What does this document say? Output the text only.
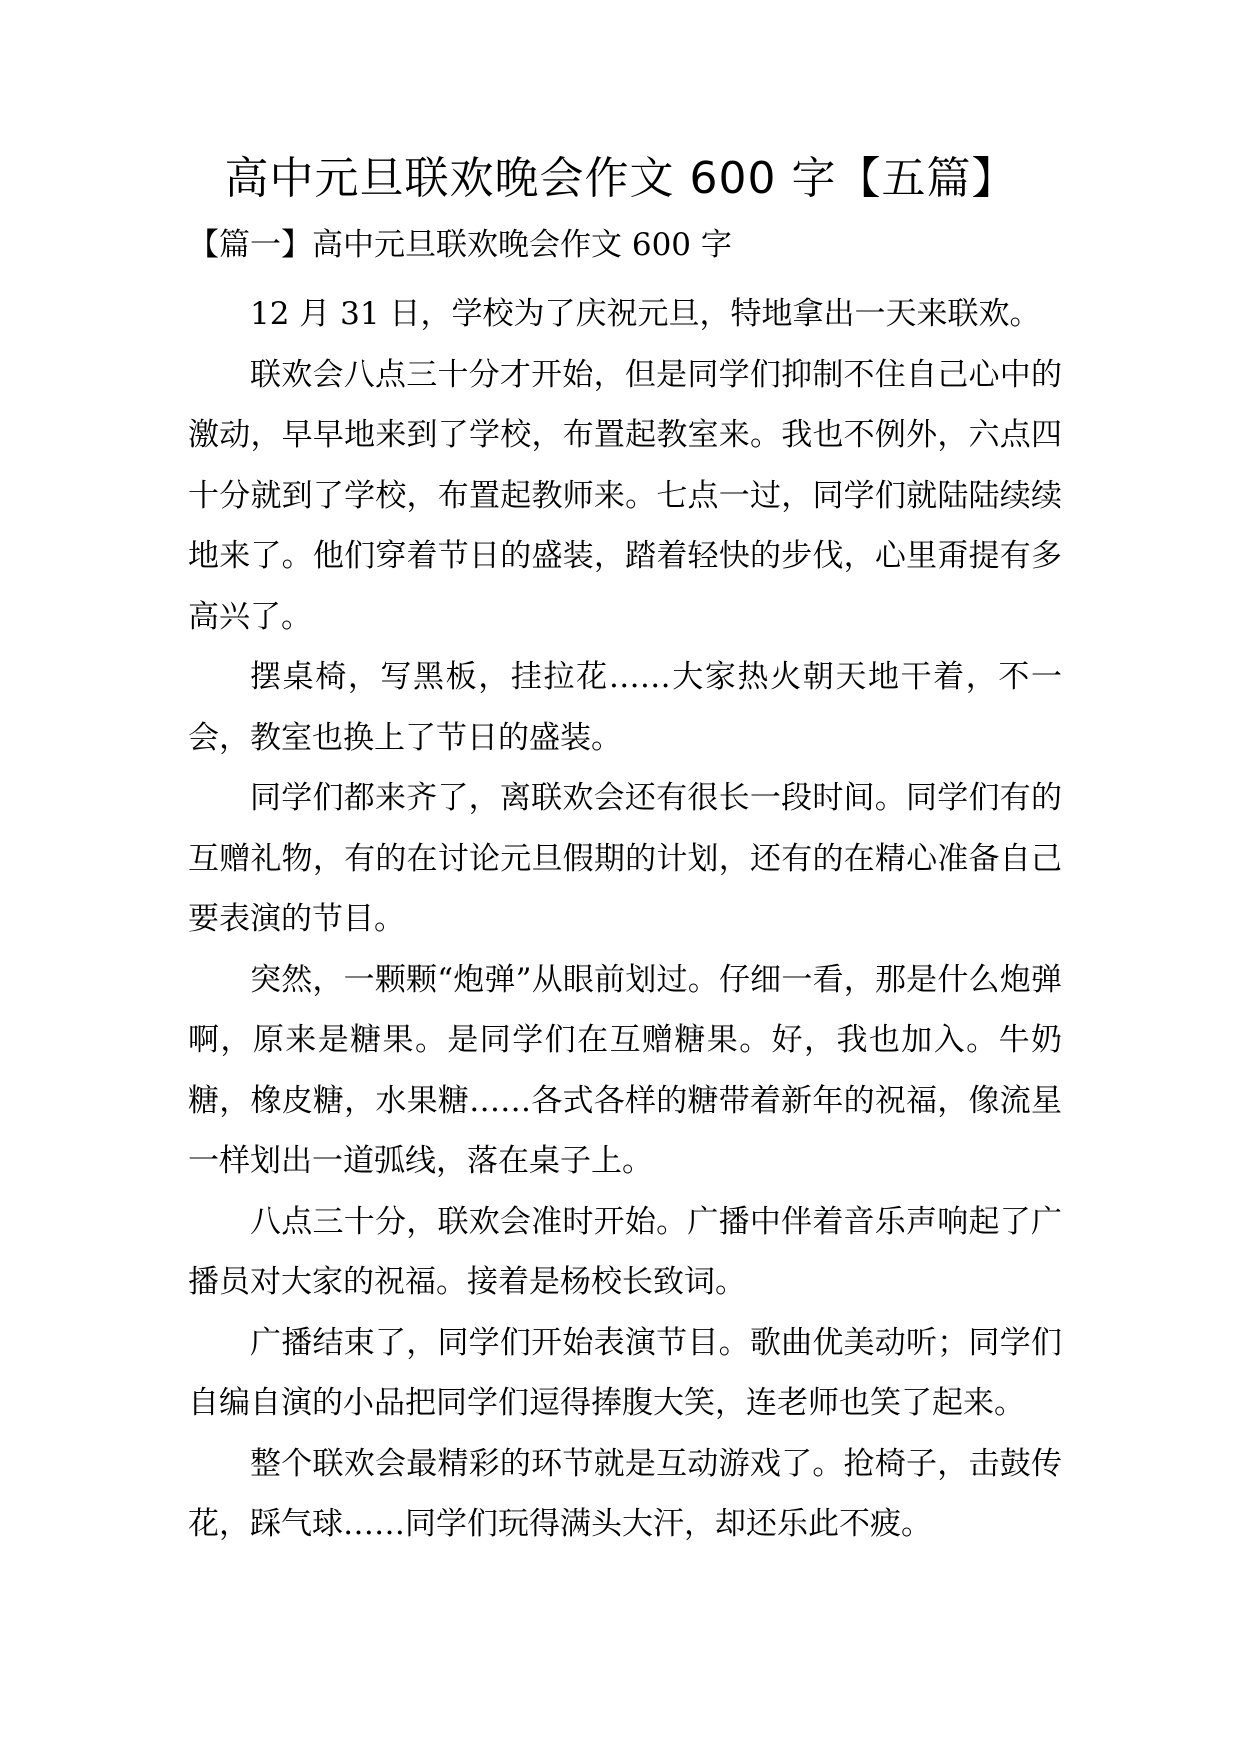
高中元旦联欢晚会作文 600 字【五篇】
【篇一】高中元旦联欢晚会作文 600 字

12 月 31 日，学校为了庆祝元旦，特地拿出一天来联欢。

联欢会八点三十分才开始，但是同学们抑制不住自己心中的激动，早早地来到了学校，布置起教室来。我也不例外，六点四十分就到了学校，布置起教师来。七点一过，同学们就陆陆续续地来了。他们穿着节日的盛装，踏着轻快的步伐，心里甭提有多高兴了。

摆桌椅，写黑板，挂拉花……大家热火朝天地干着，不一会，教室也换上了节日的盛装。

同学们都来齐了，离联欢会还有很长一段时间。同学们有的互赠礼物，有的在讨论元旦假期的计划，还有的在精心准备自己要表演的节目。

突然，一颗颗“炮弹”从眼前划过。仔细一看，那是什么炮弹啊，原来是糖果。是同学们在互赠糖果。好，我也加入。牛奶糖，橡皮糖，水果糖……各式各样的糖带着新年的祝福，像流星一样划出一道弧线，落在桌子上。

八点三十分，联欢会准时开始。广播中伴着音乐声响起了广播员对大家的祝福。接着是杨校长致词。

广播结束了，同学们开始表演节目。歌曲优美动听；同学们自编自演的小品把同学们逗得捧腹大笑，连老师也笑了起来。

整个联欢会最精彩的环节就是互动游戏了。抢椅子，击鼓传花，踩气球……同学们玩得满头大汗，却还乐此不疲。
